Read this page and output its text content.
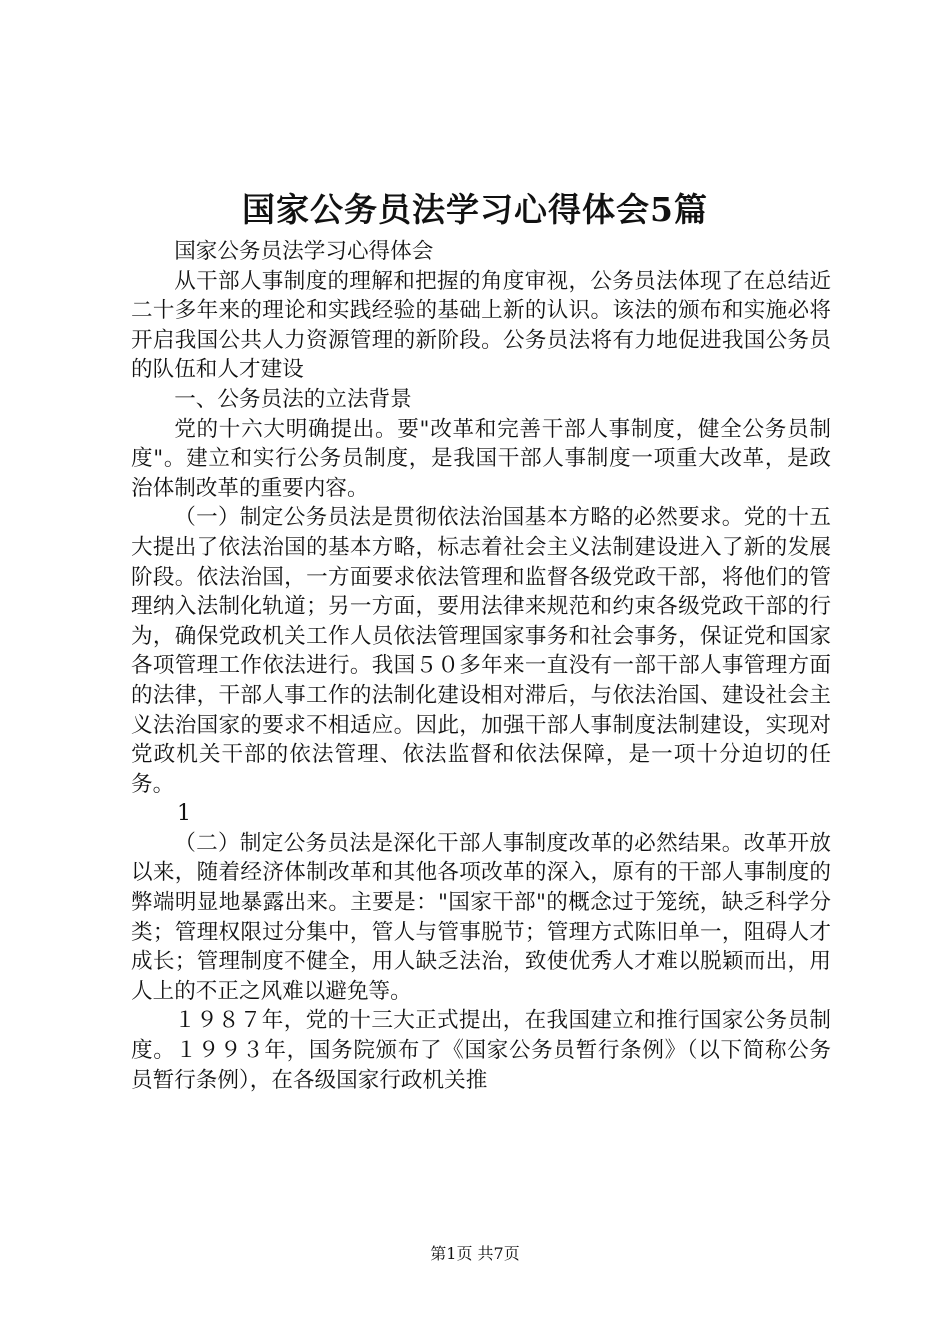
国家公务员法学习心得体会5篇

国家公务员法学习心得体会

从干部人事制度的理解和把握的角度审视，公务员法体现了在总结近二十多年来的理论和实践经验的基础上新的认识。该法的颁布和实施必将开启我国公共人力资源管理的新阶段。公务员法将有力地促进我国公务员的队伍和人才建设

一、公务员法的立法背景

党的十六大明确提出。要"改革和完善干部人事制度，健全公务员制度"。建立和实行公务员制度，是我国干部人事制度一项重大改革，是政治体制改革的重要内容。

（一）制定公务员法是贯彻依法治国基本方略的必然要求。党的十五大提出了依法治国的基本方略，标志着社会主义法制建设进入了新的发展阶段。依法治国，一方面要求依法管理和监督各级党政干部，将他们的管理纳入法制化轨道；另一方面，要用法律来规范和约束各级党政干部的行为，确保党政机关工作人员依法管理国家事务和社会事务，保证党和国家各项管理工作依法进行。我国５０多年来一直没有一部干部人事管理方面的法律，干部人事工作的法制化建设相对滞后，与依法治国、建设社会主义法治国家的要求不相适应。因此，加强干部人事制度法制建设，实现对党政机关干部的依法管理、依法监督和依法保障，是一项十分迫切的任务。

1

（二）制定公务员法是深化干部人事制度改革的必然结果。改革开放以来，随着经济体制改革和其他各项改革的深入，原有的干部人事制度的弊端明显地暴露出来。主要是："国家干部"的概念过于笼统，缺乏科学分类；管理权限过分集中，管人与管事脱节；管理方式陈旧单一，阻碍人才成长；管理制度不健全，用人缺乏法治，致使优秀人才难以脱颖而出，用人上的不正之风难以避免等。

１９８７年，党的十三大正式提出，在我国建立和推行国家公务员制度。１９９３年，国务院颁布了《国家公务员暂行条例》（以下简称公务员暂行条例），在各级国家行政机关推

第1页 共7页
